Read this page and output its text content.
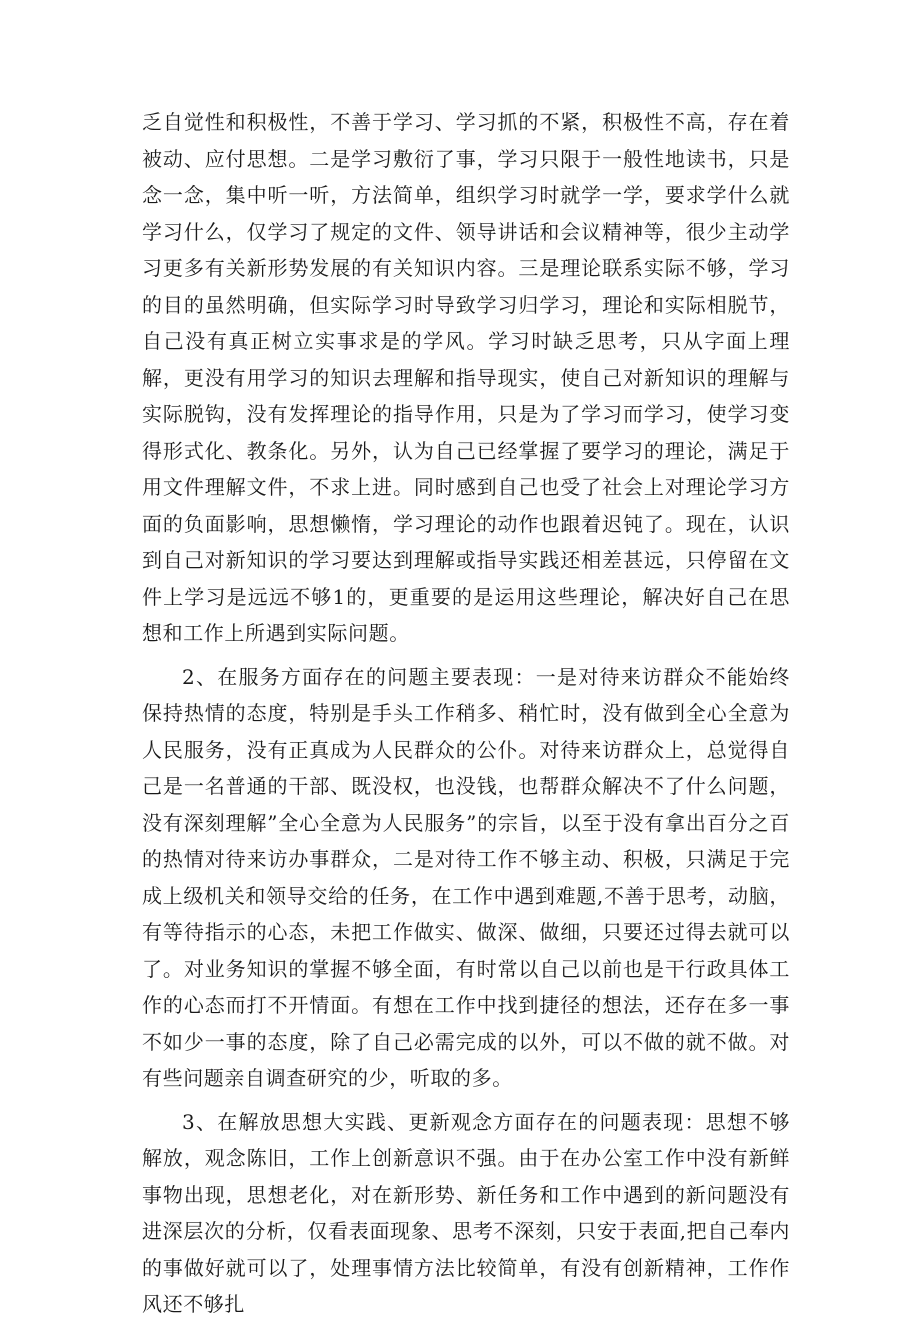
乏自觉性和积极性，不善于学习、学习抓的不紧，积极性不高，存在着被动、应付思想。二是学习敷衍了事，学习只限于一般性地读书，只是念一念，集中听一听，方法简单，组织学习时就学一学，要求学什么就学习什么，仅学习了规定的文件、领导讲话和会议精神等，很少主动学习更多有关新形势发展的有关知识内容。三是理论联系实际不够，学习的目的虽然明确，但实际学习时导致学习归学习，理论和实际相脱节，自己没有真正树立实事求是的学风。学习时缺乏思考，只从字面上理解，更没有用学习的知识去理解和指导现实，使自己对新知识的理解与实际脱钩，没有发挥理论的指导作用，只是为了学习而学习，使学习变得形式化、教条化。另外，认为自己已经掌握了要学习的理论，满足于用文件理解文件，不求上进。同时感到自己也受了社会上对理论学习方面的负面影响，思想懒惰，学习理论的动作也跟着迟钝了。现在，认识到自己对新知识的学习要达到理解或指导实践还相差甚远，只停留在文件上学习是远远不够1的，更重要的是运用这些理论，解决好自己在思想和工作上所遇到实际问题。

2、在服务方面存在的问题主要表现：一是对待来访群众不能始终保持热情的态度，特别是手头工作稍多、稍忙时，没有做到全心全意为人民服务，没有正真成为人民群众的公仆。对待来访群众上，总觉得自己是一名普通的干部、既没权，也没钱，也帮群众解决不了什么问题，没有深刻理解”全心全意为人民服务”的宗旨，以至于没有拿出百分之百的热情对待来访办事群众，二是对待工作不够主动、积极，只满足于完成上级机关和领导交给的任务，在工作中遇到难题,不善于思考，动脑，有等待指示的心态，未把工作做实、做深、做细，只要还过得去就可以了。对业务知识的掌握不够全面，有时常以自己以前也是干行政具体工作的心态而打不开情面。有想在工作中找到捷径的想法，还存在多一事不如少一事的态度，除了自己必需完成的以外，可以不做的就不做。对有些问题亲自调查研究的少，听取的多。

3、在解放思想大实践、更新观念方面存在的问题表现：思想不够解放，观念陈旧，工作上创新意识不强。由于在办公室工作中没有新鲜事物出现，思想老化，对在新形势、新任务和工作中遇到的新问题没有进深层次的分析，仅看表面现象、思考不深刻，只安于表面,把自己奉内的事做好就可以了，处理事情方法比较简单，有没有创新精神，工作作风还不够扎
